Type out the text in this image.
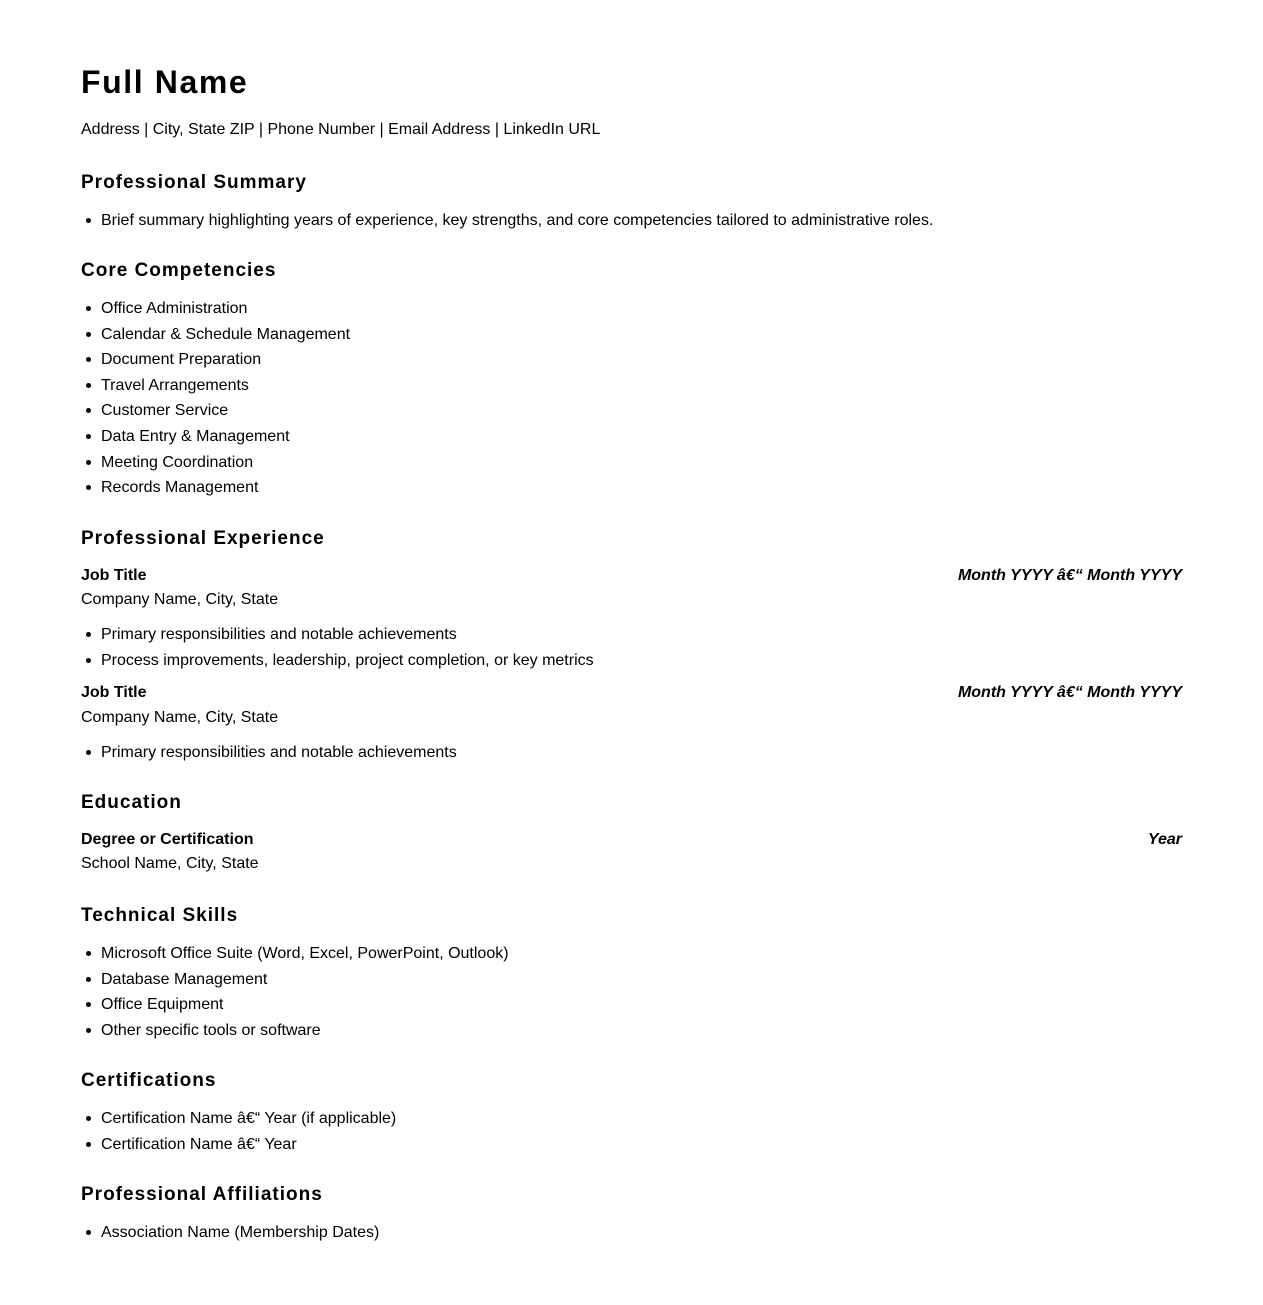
Full Name
Address | City, State ZIP | Phone Number | Email Address | LinkedIn URL
Professional Summary
Brief summary highlighting years of experience, key strengths, and core competencies tailored to administrative roles.
Core Competencies
Office Administration
Calendar & Schedule Management
Document Preparation
Travel Arrangements
Customer Service
Data Entry & Management
Meeting Coordination
Records Management
Professional Experience
Job Title	Month YYYY â€“ Month YYYY
Company Name, City, State
Primary responsibilities and notable achievements
Process improvements, leadership, project completion, or key metrics
Job Title	Month YYYY â€“ Month YYYY
Company Name, City, State
Primary responsibilities and notable achievements
Education
Degree or Certification	Year
School Name, City, State
Technical Skills
Microsoft Office Suite (Word, Excel, PowerPoint, Outlook)
Database Management
Office Equipment
Other specific tools or software
Certifications
Certification Name â€“ Year (if applicable)
Certification Name â€“ Year
Professional Affiliations
Association Name (Membership Dates)
